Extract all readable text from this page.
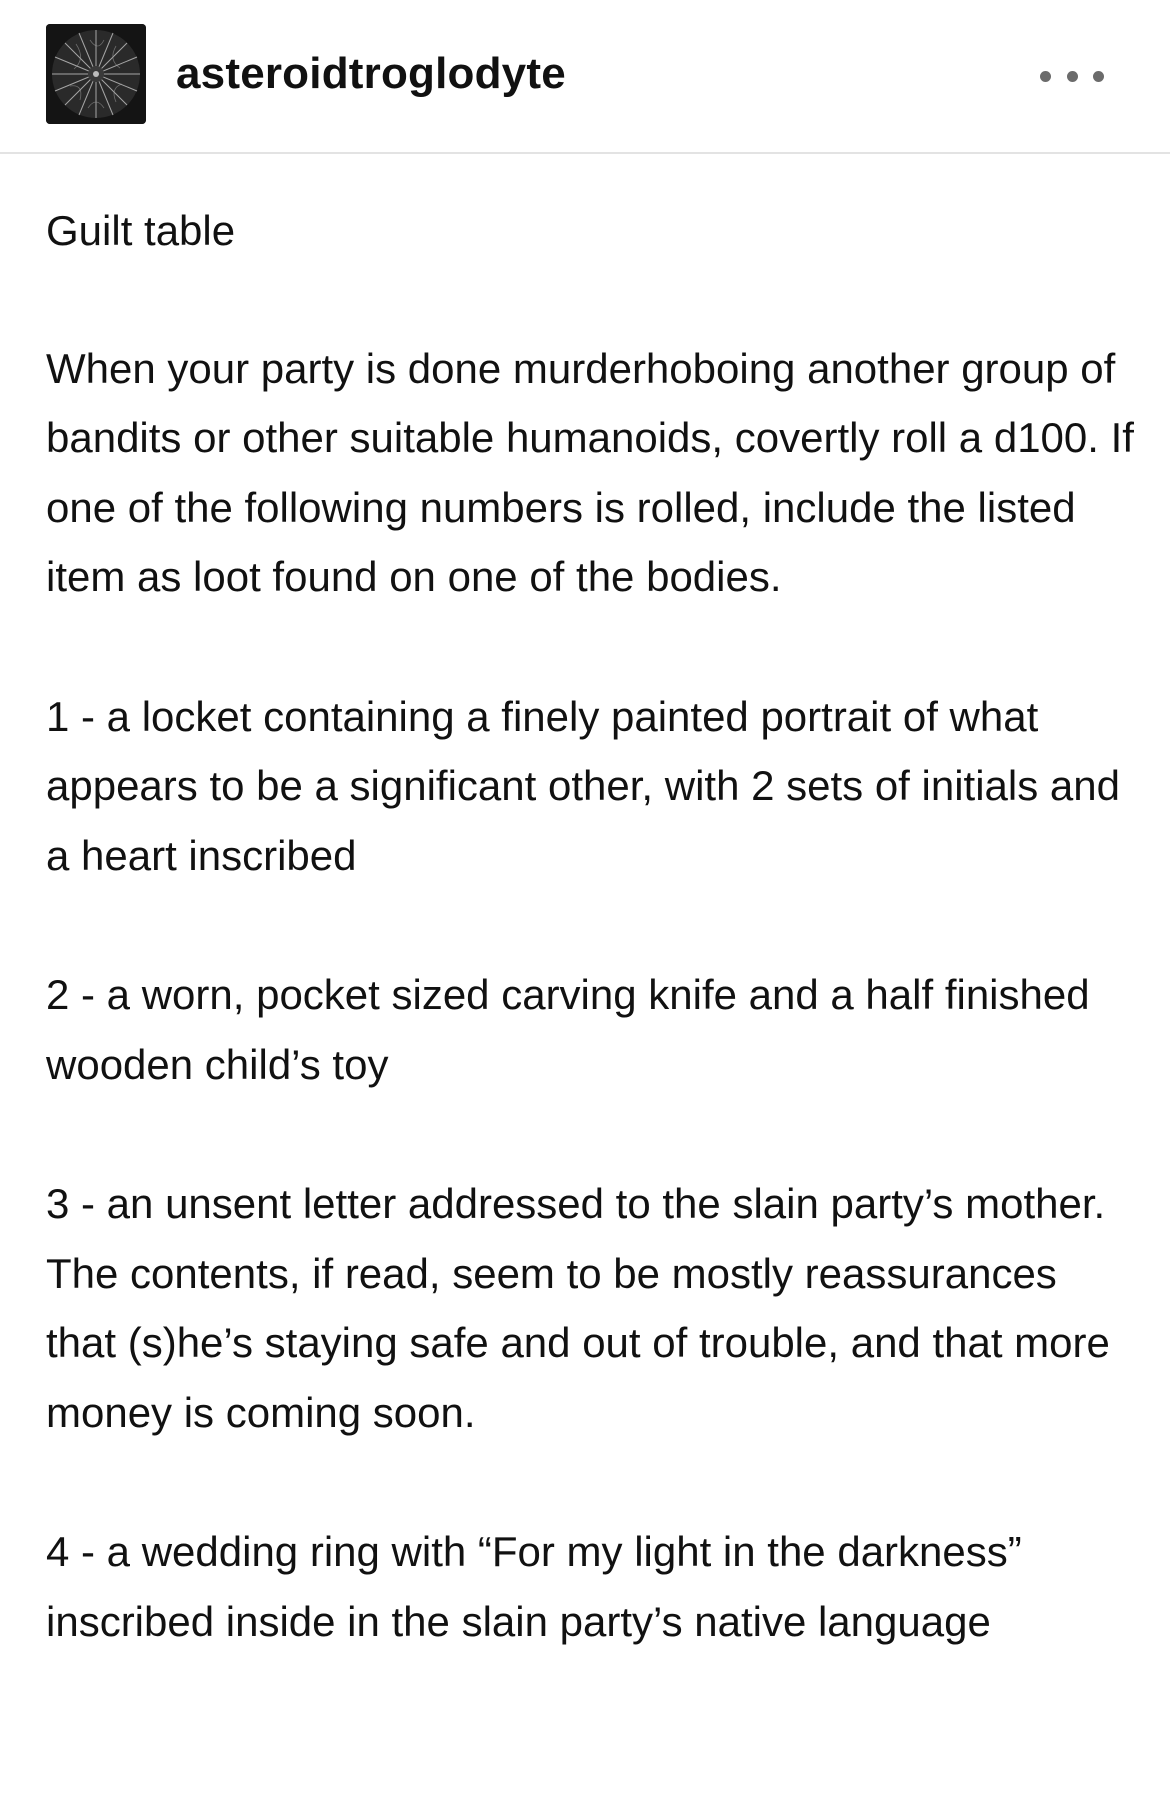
asteroidtroglodyte

Guilt table

When your party is done murderhoboing another group of bandits or other suitable humanoids, covertly roll a d100. If one of the following numbers is rolled, include the listed item as loot found on one of the bodies.

1 - a locket containing a finely painted portrait of what appears to be a significant other, with 2 sets of initials and a heart inscribed

2 - a worn, pocket sized carving knife and a half finished wooden child’s toy

3 - an unsent letter addressed to the slain party’s mother. The contents, if read, seem to be mostly reassurances that (s)he’s staying safe and out of trouble, and that more money is coming soon.

4 - a wedding ring with “For my light in the darkness” inscribed inside in the slain party’s native language
